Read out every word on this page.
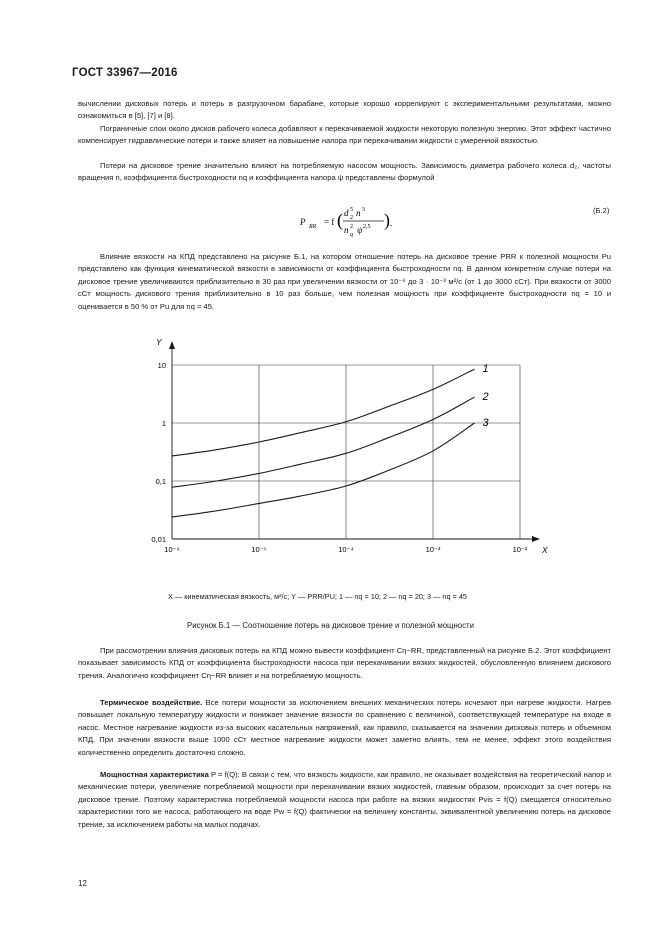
ГОСТ 33967—2016

вычислении дисковых потерь и потерь в разгрузочном барабане, которые хорошо коррелируют с экспериментальными результатами, можно ознакомиться в [5], [7] и [8].

Пограничные слои около дисков рабочего колеса добавляют к перекачиваемой жидкости некоторую полезную энергию. Этот эффект частично компенсирует гидравлические потери и также влияет на повышение напора при перекачивании жидкости с умеренной вязкостью.

Потери на дисковое трение значительно влияют на потребляемую насосом мощность. Зависимость диаметра рабочего колеса d₂, частоты вращения n, коэффициента быстроходности nq и коэффициента напора ψ представлены формулой

P RR = f ( d 2
5 n 3
n q
2 ψ 2,5 ) .
(Б.2)

Влияние вязкости на КПД представлено на рисунке Б.1, на котором отношение потерь на дисковое трение PRR к полезной мощности Pu представлено как функция кинематической вязкости в зависимости от коэффициента быстроходности nq. В данном конкретном случае потери на дисковое трение увеличиваются приблизительно в 30 раз при увеличении вязкости от 10⁻⁶ до 3 · 10⁻³ м²/с (от 1 до 3000 сСт). При вязкости от 3000 сСт мощность дискового трения приблизительно в 10 раз больше, чем полезная мощность при коэффициенте быстроходности nq = 10 и оценивается в 50 % от Pu для nq = 45.

10⁻⁶	10⁻⁵	10⁻⁴	10⁻³	10⁻²
0,01
0,1
1
10
Y
X
1
2
3
X — кинематическая вязкость, м²/с; Y — PRR/PU; 1 — nq = 10; 2 — nq = 20; 3 — nq = 45
Рисунок Б.1 — Соотношение потерь на дисковое трение и полезной мощности

При рассмотрении влияния дисковых потерь на КПД можно вывести коэффициент Cη−RR, представленный на рисунке Б.2. Этот коэффициент показывает зависимость КПД от коэффициента быстроходности насоса при перекачивании вязких жидкостей, обусловленную влиянием дискового трения. Аналогично коэффициент Cη−RR влияет и на потребляемую мощность.

Термическое воздействие. Все потери мощности за исключением внешних механических потерь исчезают при нагреве жидкости. Нагрев повышает локальную температуру жидкости и понижает значение вязкости по сравнению с величиной, соответствующей температуре на входе в насос. Местное нагревание жидкости из-за высоких касательных напряжений, как правило, сказывается на значении дисковых потерь и объемном КПД. При значении вязкости выше 1000 сСт местное нагревание жидкости может заметно влиять, тем не менее, эффект этого воздействия количественно определить достаточно сложно.

Мощностная характеристика P = f(Q): В связи с тем, что вязкость жидкости, как правило, не оказывает воздействия на теоретический напор и механические потери, увеличение потребляемой мощности при перекачивании вязких жидкостей, главным образом, происходит за счет потерь на дисковое трение. Поэтому характеристика потребляемой мощности насоса при работе на вязких жидкостях Pvis = f(Q) смещается относительно характеристики того же насоса, работающего на воде Pw = f(Q) фактически на величину константы, эквивалентной увеличению потерь на дисковое трение, за исключением работы на малых подачах.

12
